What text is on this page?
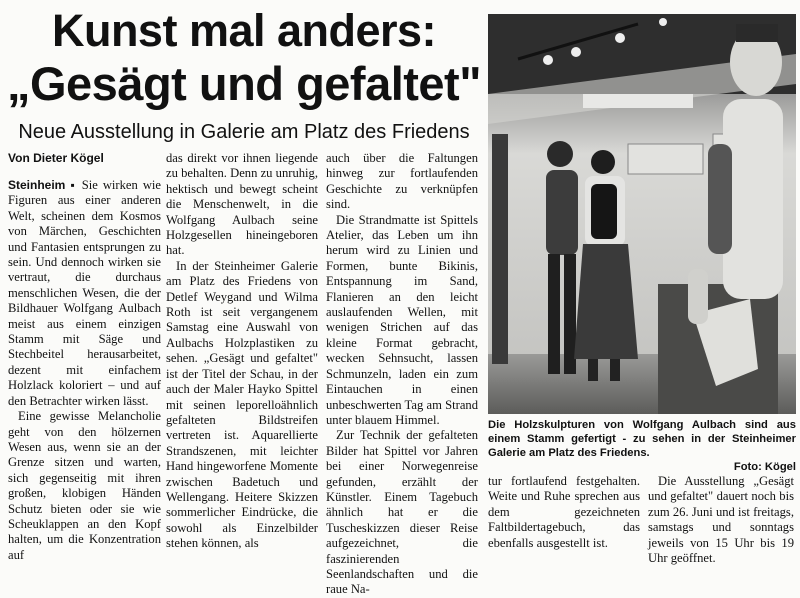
Kunst mal anders:
„Gesägt und gefaltet"
Neue Ausstellung in Galerie am Platz des Friedens
Von Dieter Kögel

Steinheim ▪ Sie wirken wie Figuren aus einer anderen Welt, scheinen dem Kosmos von Märchen, Geschichten und Fantasien entsprungen zu sein. Und dennoch wirken sie vertraut, die durchaus menschlichen Wesen, die der Bildhauer Wolfgang Aulbach meist aus einem einzigen Stamm mit Säge und Stechbeitel herausarbeitet, dezent mit einfachem Holzlack koloriert – und auf den Betrachter wirken lässt.

Eine gewisse Melancholie geht von den hölzernen Wesen aus, wenn sie an der Grenze sitzen und warten, sich gegenseitig mit ihren großen, klobigen Händen Schutz bieten oder sie wie Scheuklappen an den Kopf halten, um die Konzentration auf

das direkt vor ihnen liegende zu behalten. Denn zu unruhig, hektisch und bewegt scheint die Menschenwelt, in die Wolfgang Aulbach seine Holzgesellen hineingeboren hat.

In der Steinheimer Galerie am Platz des Friedens von Detlef Weygand und Wilma Roth ist seit vergangenem Samstag eine Auswahl von Aulbachs Holzplastiken zu sehen. „Gesägt und gefaltet" ist der Titel der Schau, in der auch der Maler Hayko Spittel mit seinen leporelloähnlich gefalteten Bildstreifen vertreten ist. Aquarellierte Strandszenen, mit leichter Hand hingeworfene Momente zwischen Badetuch und Wellengang. Heitere Skizzen sommerlicher Eindrücke, die sowohl als Einzelbilder stehen können, als

auch über die Faltungen hinweg zur fortlaufenden Geschichte zu verknüpfen sind.

Die Strandmatte ist Spittels Atelier, das Leben um ihn herum wird zu Linien und Formen, bunte Bikinis, Entspannung im Sand, Flanieren an den leicht auslaufenden Wellen, mit wenigen Strichen auf das kleine Format gebracht, wecken Sehnsucht, lassen Schmunzeln, laden ein zum Eintauchen in einen unbeschwerten Tag am Strand unter blauem Himmel.

Zur Technik der gefalteten Bilder hat Spittel vor Jahren bei einer Norwegenreise gefunden, erzählt der Künstler. Einem Tagebuch ähnlich hat er die Tuscheskizzen dieser Reise aufgezeichnet, die faszinierenden Seenlandschaften und die raue Na-

Die Holzskulpturen von Wolfgang Aulbach sind aus einem Stamm gefertigt - zu sehen in der Steinheimer Galerie am Platz des Friedens.
Foto: Kögel

tur fortlaufend festgehalten. Weite und Ruhe sprechen aus dem gezeichneten Faltbildertagebuch, das ebenfalls ausgestellt ist.

Die Ausstellung „Gesägt und gefaltet" dauert noch bis zum 26. Juni und ist freitags, samstags und sonntags jeweils von 15 Uhr bis 19 Uhr geöffnet.
